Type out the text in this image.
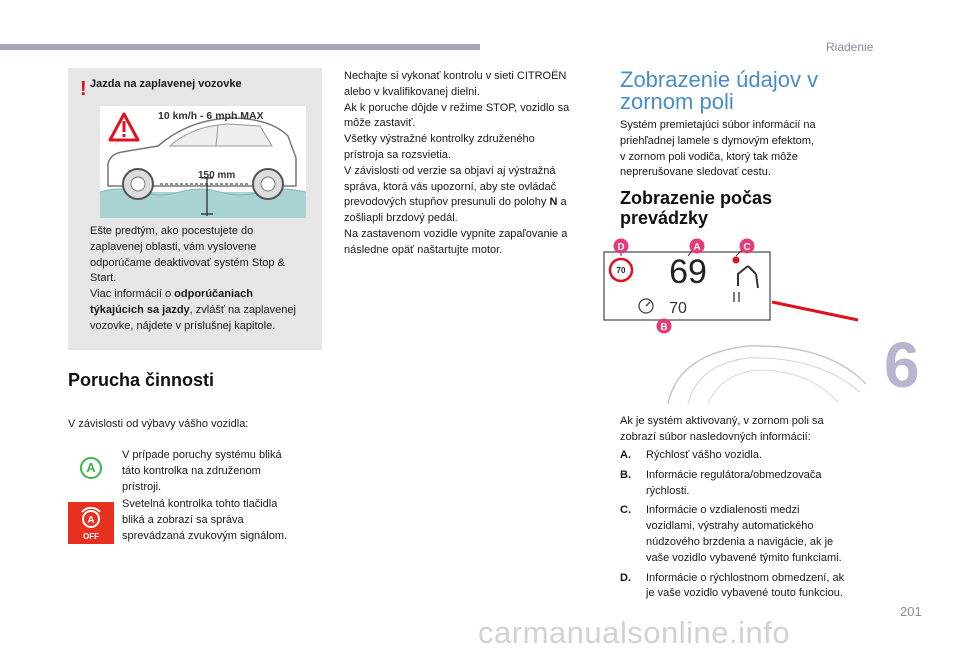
Riadenie
6
201
carmanualsonline.info
! Jazda na zaplavenej vozovke
10 km/h - 6 mph MAX
150 mm
Ešte predtým, ako pocestujete do
zaplavenej oblasti, vám vyslovene
odporúčame deaktivovať systém Stop &
Start.
Viac informácií o odporúčaniach
týkajúcich sa jazdy, zvlášť na zaplavenej
vozovke, nájdete v príslušnej kapitole.
Nechajte si vykonať kontrolu v sieti CITROËN
alebo v kvalifikovanej dielni.
Ak k poruche dôjde v režime STOP, vozidlo sa
môže zastaviť.
Všetky výstražné kontrolky združeného
prístroja sa rozsvietia.
V závislosti od verzie sa objaví aj výstražná
správa, ktorá vás upozorní, aby ste ovládač
prevodových stupňov presunuli do polohy N a
zošliapli brzdový pedál.
Na zastavenom vozidle vypnite zapaľovanie a
následne opäť naštartujte motor.
Porucha činnosti
V závislosti od výbavy vášho vozidla:
A
V prípade poruchy systému bliká
táto kontrolka na združenom
prístroji.
A
OFF
Svetelná kontrolka tohto tlačidla
bliká a zobrazí sa správa
sprevádzaná zvukovým signálom.
Zobrazenie údajov v
zornom poli
Systém premietajúci súbor informácií na
priehľadnej lamele s dymovým efektom,
v zornom poli vodiča, ktorý tak môže
neprerušovane sledovať cestu.
Zobrazenie počas
prevádzky
70 69
70
D	A	C
B
Ak je systém aktivovaný, v zornom poli sa
zobrazí súbor nasledovných informácií:
A. Rýchlosť vášho vozidla.
B. Informácie regulátora/obmedzovača
rýchlosti.
C. Informácie o vzdialenosti medzi
vozidlami, výstrahy automatického
núdzového brzdenia a navigácie, ak je
vaše vozidlo vybavené týmito funkciami.
D. Informácie o rýchlostnom obmedzení, ak
je vaše vozidlo vybavené touto funkciou.
